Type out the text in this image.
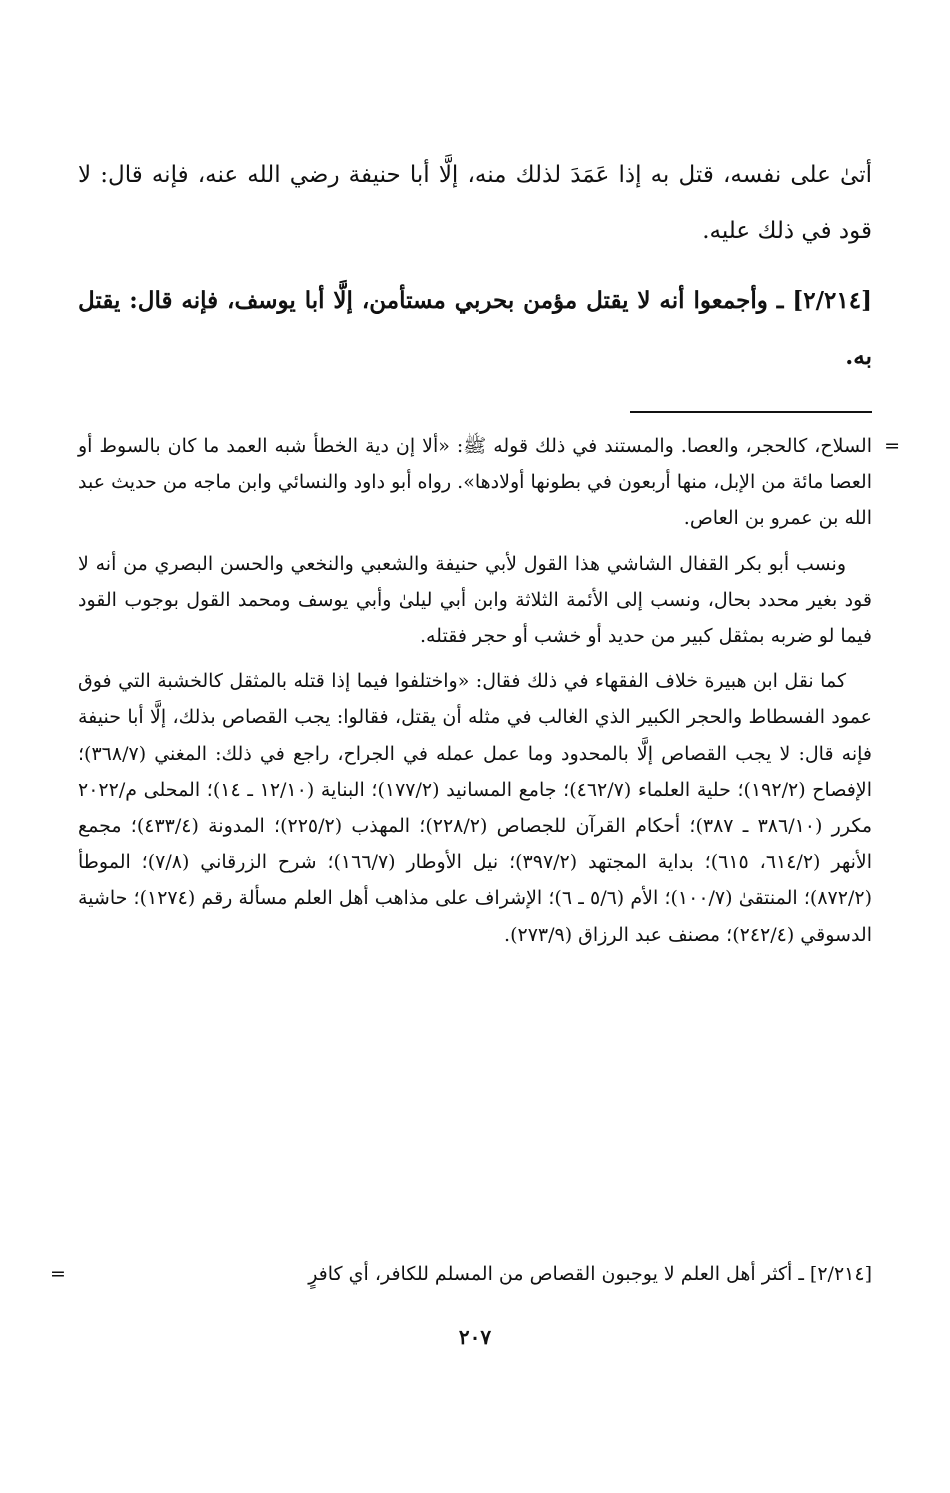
أتىٰ على نفسه، قتل به إذا عَمَدَ لذلك منه، إلَّا أبا حنيفة رضي الله عنه، فإنه قال: لا قود في ذلك عليه.

[٢/٢١٤] ـ وأجمعوا أنه لا يقتل مؤمن بحربي مستأمن، إلَّا أبا يوسف، فإنه قال: يقتل به.

=

السلاح، كالحجر، والعصا. والمستند في ذلك قوله ﷺ: «ألا إن دية الخطأ شبه العمد ما كان بالسوط أو العصا مائة من الإبل، منها أربعون في بطونها أولادها». رواه أبو داود والنسائي وابن ماجه من حديث عبد الله بن عمرو بن العاص.

ونسب أبو بكر القفال الشاشي هذا القول لأبي حنيفة والشعبي والنخعي والحسن البصري من أنه لا قود بغير محدد بحال، ونسب إلى الأئمة الثلاثة وابن أبي ليلىٰ وأبي يوسف ومحمد القول بوجوب القود فيما لو ضربه بمثقل كبير من حديد أو خشب أو حجر فقتله.

كما نقل ابن هبيرة خلاف الفقهاء في ذلك فقال: «واختلفوا فيما إذا قتله بالمثقل كالخشبة التي فوق عمود الفسطاط والحجر الكبير الذي الغالب في مثله أن يقتل، فقالوا: يجب القصاص بذلك، إلَّا أبا حنيفة فإنه قال: لا يجب القصاص إلَّا بالمحدود وما عمل عمله في الجراح، راجع في ذلك: المغني (٣٦٨/٧)؛ الإفصاح (١٩٢/٢)؛ حلية العلماء (٤٦٢/٧)؛ جامع المسانيد (١٧٧/٢)؛ البناية (١٢/١٠ ـ ١٤)؛ المحلى م/٢٠٢٢ مكرر (٣٨٦/١٠ ـ ٣٨٧)؛ أحكام القرآن للجصاص (٢٢٨/٢)؛ المهذب (٢٢٥/٢)؛ المدونة (٤٣٣/٤)؛ مجمع الأنهر (٦١٤/٢، ٦١٥)؛ بداية المجتهد (٣٩٧/٢)؛ نيل الأوطار (١٦٦/٧)؛ شرح الزرقاني (٧/٨)؛ الموطأ (٨٧٢/٢)؛ المنتقىٰ (١٠٠/٧)؛ الأم (٥/٦ ـ ٦)؛ الإشراف على مذاهب أهل العلم مسألة رقم (١٢٧٤)؛ حاشية الدسوقي (٢٤٢/٤)؛ مصنف عبد الرزاق (٢٧٣/٩).

[٢/٢١٤] ـ أكثر أهل العلم لا يوجبون القصاص من المسلم للكافر، أي كافرٍ
=
٢٠٧
